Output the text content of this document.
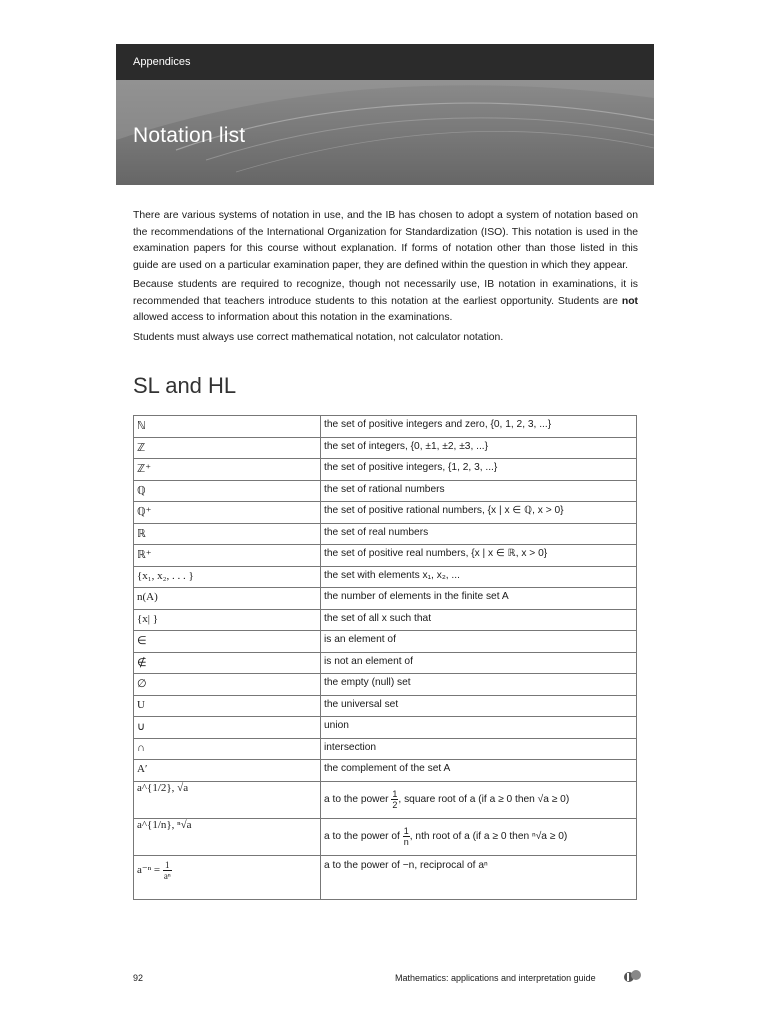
Appendices
Notation list

There are various systems of notation in use, and the IB has chosen to adopt a system of notation based on the recommendations of the International Organization for Standardization (ISO). This notation is used in the examination papers for this course without explanation. If forms of notation other than those listed in this guide are used on a particular examination paper, they are defined within the question in which they appear.

Because students are required to recognize, though not necessarily use, IB notation in examinations, it is recommended that teachers introduce students to this notation at the earliest opportunity. Students are not allowed access to information about this notation in the examinations.

Students must always use correct mathematical notation, not calculator notation.

SL and HL
ℕ	the set of positive integers and zero, {0, 1, 2, 3, ...}
ℤ	the set of integers, {0, ±1, ±2, ±3, ...}
ℤ⁺	the set of positive integers, {1, 2, 3, ...}
ℚ	the set of rational numbers
ℚ⁺	the set of positive rational numbers, {x | x ∈ ℚ, x > 0}
ℝ	the set of real numbers
ℝ⁺	the set of positive real numbers, {x | x ∈ ℝ, x > 0}
{x₁, x₂, . . . }	the set with elements x₁, x₂, ...
n(A)	the number of elements in the finite set A
{x| }	the set of all x such that
∈	is an element of
∉	is not an element of
∅	the empty (null) set
U	the universal set
∪	union
∩	intersection
A′	the complement of the set A
a^{1/2}, √a	a to the power $\frac{1}{2}$ , square root of a (if a ≥ 0 then √a ≥ 0)
a^{1/n}, ⁿ√a	a to the power of $\frac{1}{n}$ , nth root of a (if a ≥ 0 then ⁿ√a ≥ 0)
$a^{-n} = \frac{1}{\text{aⁿ}}$	a to the power of −n, reciprocal of aⁿ
92	Mathematics: applications and interpretation guide
